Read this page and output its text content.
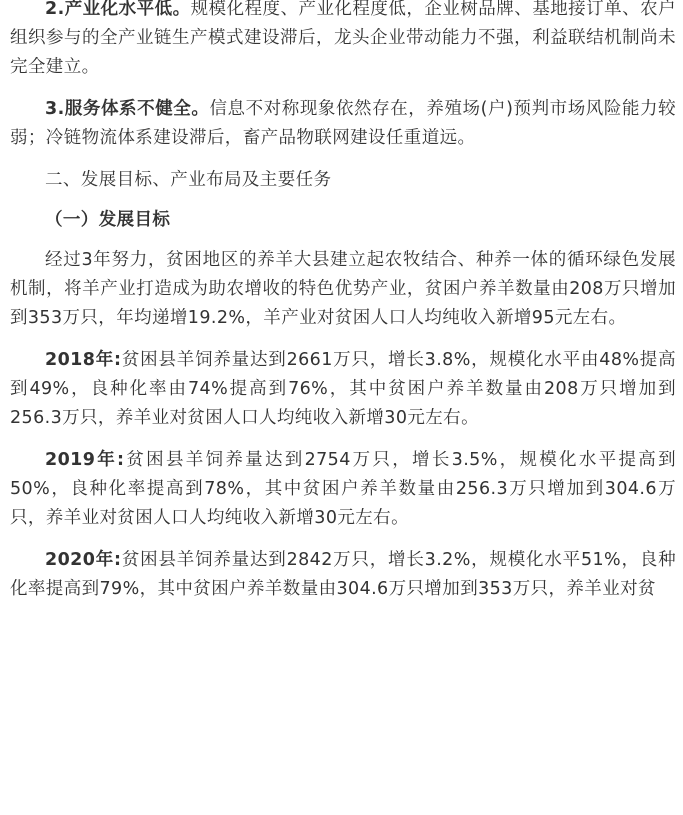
2.产业化水平低。规模化程度、产业化程度低，企业树品牌、基地接订单、农户组织参与的全产业链生产模式建设滞后，龙头企业带动能力不强，利益联结机制尚未完全建立。

3.服务体系不健全。信息不对称现象依然存在，养殖场(户)预判市场风险能力较弱；冷链物流体系建设滞后，畜产品物联网建设任重道远。

二、发展目标、产业布局及主要任务

（一）发展目标

经过3年努力，贫困地区的养羊大县建立起农牧结合、种养一体的循环绿色发展机制，将羊产业打造成为助农增收的特色优势产业，贫困户养羊数量由208万只增加到353万只，年均递增19.2%，羊产业对贫困人口人均纯收入新增95元左右。

2018年:贫困县羊饲养量达到2661万只，增长3.8%，规模化水平由48%提高到49%，良种化率由74%提高到76%，其中贫困户养羊数量由208万只增加到256.3万只，养羊业对贫困人口人均纯收入新增30元左右。

2019年:贫困县羊饲养量达到2754万只，增长3.5%，规模化水平提高到50%，良种化率提高到78%，其中贫困户养羊数量由256.3万只增加到304.6万只，养羊业对贫困人口人均纯收入新增30元左右。

2020年:贫困县羊饲养量达到2842万只，增长3.2%，规模化水平51%，良种化率提高到79%，其中贫困户养羊数量由304.6万只增加到353万只，养羊业对贫
